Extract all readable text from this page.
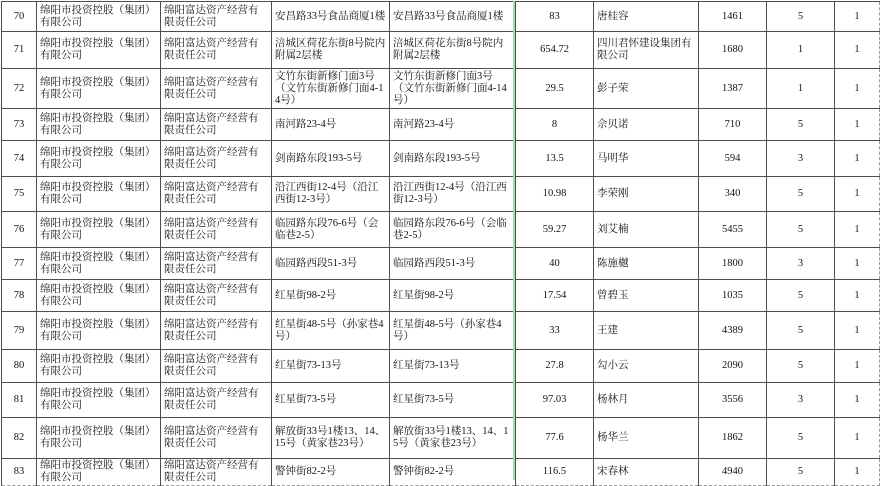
70	绵阳市投资控股（集团）有限公司	绵阳富达资产经营有限责任公司	安昌路33号食品商厦1楼	安昌路33号食品商厦1楼	83	唐桂容	1461	5	1
71	绵阳市投资控股（集团）有限公司	绵阳富达资产经营有限责任公司	涪城区荷花东街8号院内附属2层楼	涪城区荷花东街8号院内附属2层楼	654.72	四川君怀建设集团有限公司	1680	1	1
72	绵阳市投资控股（集团）有限公司	绵阳富达资产经营有限责任公司	文竹东街新修门面3号 （文竹东街新修门面4-14号）	文竹东街新修门面3号（文竹东街新修门面4-14号）	29.5	彭子荣	1387	1	1
73	绵阳市投资控股（集团）有限公司	绵阳富达资产经营有限责任公司	南河路23-4号	南河路23-4号	8	佘贝诺	710	5	1
74	绵阳市投资控股（集团）有限公司	绵阳富达资产经营有限责任公司	剑南路东段193-5号	剑南路东段193-5号	13.5	马明华	594	3	1
75	绵阳市投资控股（集团）有限公司	绵阳富达资产经营有限责任公司	沿江西街12-4号（沿江西街12-3号）	沿江西街12-4号（沿江西街12-3号）	10.98	李荣刚	340	5	1
76	绵阳市投资控股（集团）有限公司	绵阳富达资产经营有限责任公司	临园路东段76-6号（会临巷2-5）	临园路东段76-6号（会临巷2-5）	59.27	刘艾楠	5455	5	1
77	绵阳市投资控股（集团）有限公司	绵阳富达资产经营有限责任公司	临园路西段51-3号	临园路西段51-3号	40	陈施樾	1800	3	1
78	绵阳市投资控股（集团）有限公司	绵阳富达资产经营有限责任公司	红星街98-2号	红星街98-2号	17.54	曾碧玉	1035	5	1
79	绵阳市投资控股（集团）有限公司	绵阳富达资产经营有限责任公司	红星街48-5号（孙家巷4号）	红星街48-5号（孙家巷4号）	33	王建	4389	5	1
80	绵阳市投资控股（集团）有限公司	绵阳富达资产经营有限责任公司	红星街73-13号	红星街73-13号	27.8	勾小云	2090	5	1
81	绵阳市投资控股（集团）有限公司	绵阳富达资产经营有限责任公司	红星街73-5号	红星街73-5号	97.03	杨林月	3556	3	1
82	绵阳市投资控股（集团）有限公司	绵阳富达资产经营有限责任公司	解放街33号1楼13、14、15号（黄家巷23号）	解放街33号1楼13、14、15号（黄家巷23号）	77.6	杨华兰	1862	5	1
83	绵阳市投资控股（集团）有限公司	绵阳富达资产经营有限责任公司	警钟街82-2号	警钟街82-2号	116.5	宋春林	4940	5	1
